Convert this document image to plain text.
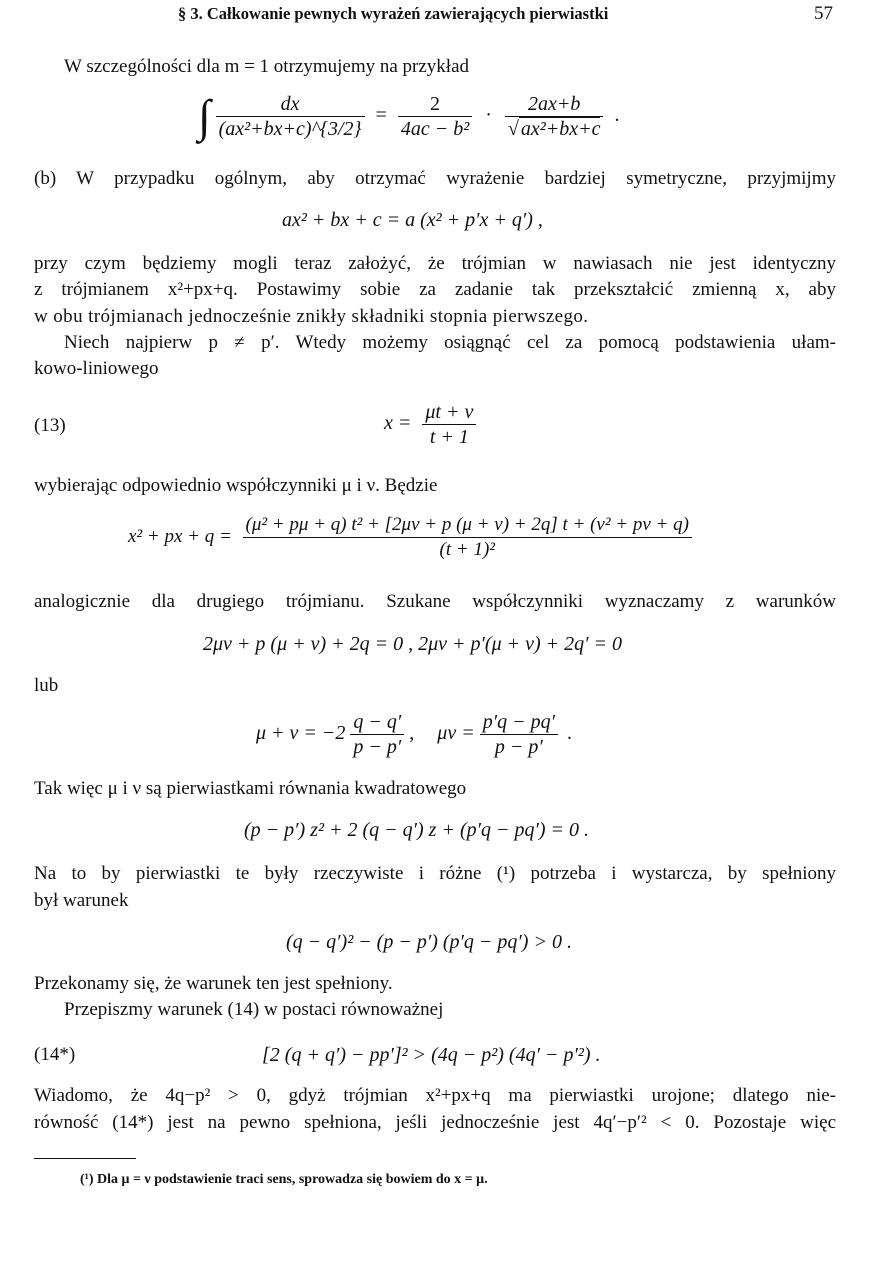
§ 3. Całkowanie pewnych wyrażeń zawierających pierwiastki	57
W szczególności dla m = 1 otrzymujemy na przykład
∫ $\frac{dx}{\text{(ax²+bx+c)\textasciicircum{}\{3/2\}}} = \frac{2}{\text{4ac − b²}} \cdot \frac{2ax+b}{\text{√ ax²+bx+c}}$ .
(b) W przypadku ogólnym, aby otrzymać wyrażenie bardziej symetryczne, przyjmijmy
ax² + bx + c = a (x² + p′x + q′) ,
przy czym będziemy mogli teraz założyć, że trójmian w nawiasach nie jest identyczny
z trójmianem x²+px+q. Postawimy sobie za zadanie tak przekształcić zmienną x, aby
w obu trójmianach jednocześnie znikły składniki stopnia pierwszego.
Niech najpierw p ≠ p′. Wtedy możemy osiągnąć cel za pomocą podstawienia ułam-
kowo-liniowego
(13)	$x = \frac{\mu t + \nu}{t + 1}$
wybierając odpowiednio współczynniki μ i ν. Będzie
x² + px + $q = \frac{\text{(μ² + pμ + q) t² + [2μν + p (μ + ν) + 2q] t + (ν² + pν + q)}}{\text{(t + 1)²}}$
analogicznie dla drugiego trójmianu. Szukane współczynniki wyznaczamy z warunków
2μν + p (μ + ν) + 2q = 0 , 2μν + p′(μ + ν) + 2q′ = 0
lub
$\mu + \nu = -2 \frac{q - q'}{p - p'}$ , $\mu\nu = \frac{p'q - pq'}{p - p'}$ .
Tak więc μ i ν są pierwiastkami równania kwadratowego
(p − p′) z² + 2 (q − q′) z + (p′q − pq′) = 0 .
Na to by pierwiastki te były rzeczywiste i różne (¹) potrzeba i wystarcza, by spełniony
był warunek
(q − q′)² − (p − p′) (p′q − pq′) > 0 .
Przekonamy się, że warunek ten jest spełniony.
Przepiszmy warunek (14) w postaci równoważnej
(14*)	[2 (q + q′) − pp′]² > (4q − p²) (4q′ − p′²) .
Wiadomo, że 4q−p² > 0, gdyż trójmian x²+px+q ma pierwiastki urojone; dlatego nie-
równość (14*) jest na pewno spełniona, jeśli jednocześnie jest 4q′−p′² < 0. Pozostaje więc
(¹) Dla μ = ν podstawienie traci sens, sprowadza się bowiem do x = μ.
